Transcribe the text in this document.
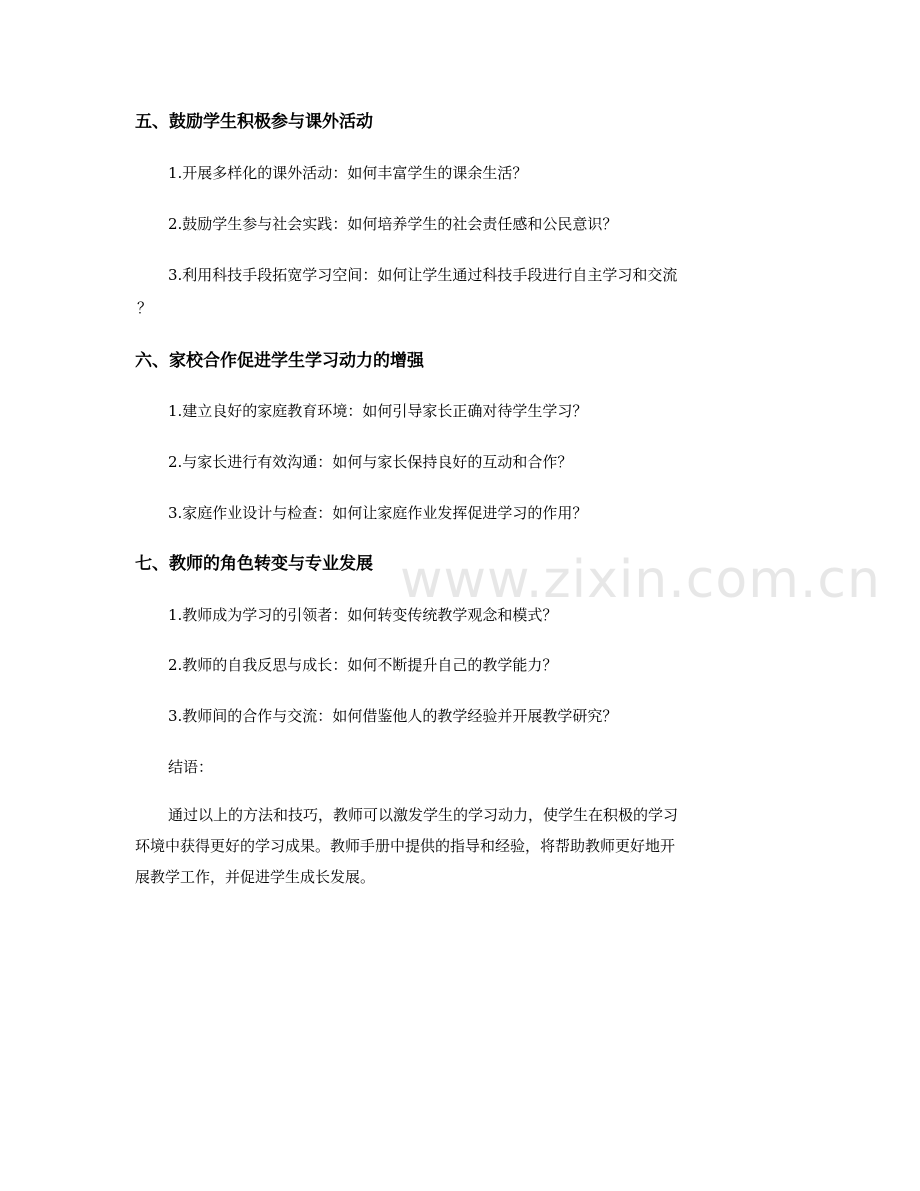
www.zixin.com.cn
五、鼓励学生积极参与课外活动
1.开展多样化的课外活动：如何丰富学生的课余生活？
2.鼓励学生参与社会实践：如何培养学生的社会责任感和公民意识？
3.利用科技手段拓宽学习空间：如何让学生通过科技手段进行自主学习和交流
？
六、家校合作促进学生学习动力的增强
1.建立良好的家庭教育环境：如何引导家长正确对待学生学习？
2.与家长进行有效沟通：如何与家长保持良好的互动和合作？
3.家庭作业设计与检查：如何让家庭作业发挥促进学习的作用？
七、教师的角色转变与专业发展
1.教师成为学习的引领者：如何转变传统教学观念和模式？
2.教师的自我反思与成长：如何不断提升自己的教学能力？
3.教师间的合作与交流：如何借鉴他人的教学经验并开展教学研究？
结语：
通过以上的方法和技巧，教师可以激发学生的学习动力，使学生在积极的学习
环境中获得更好的学习成果。教师手册中提供的指导和经验，将帮助教师更好地开
展教学工作，并促进学生成长发展。
